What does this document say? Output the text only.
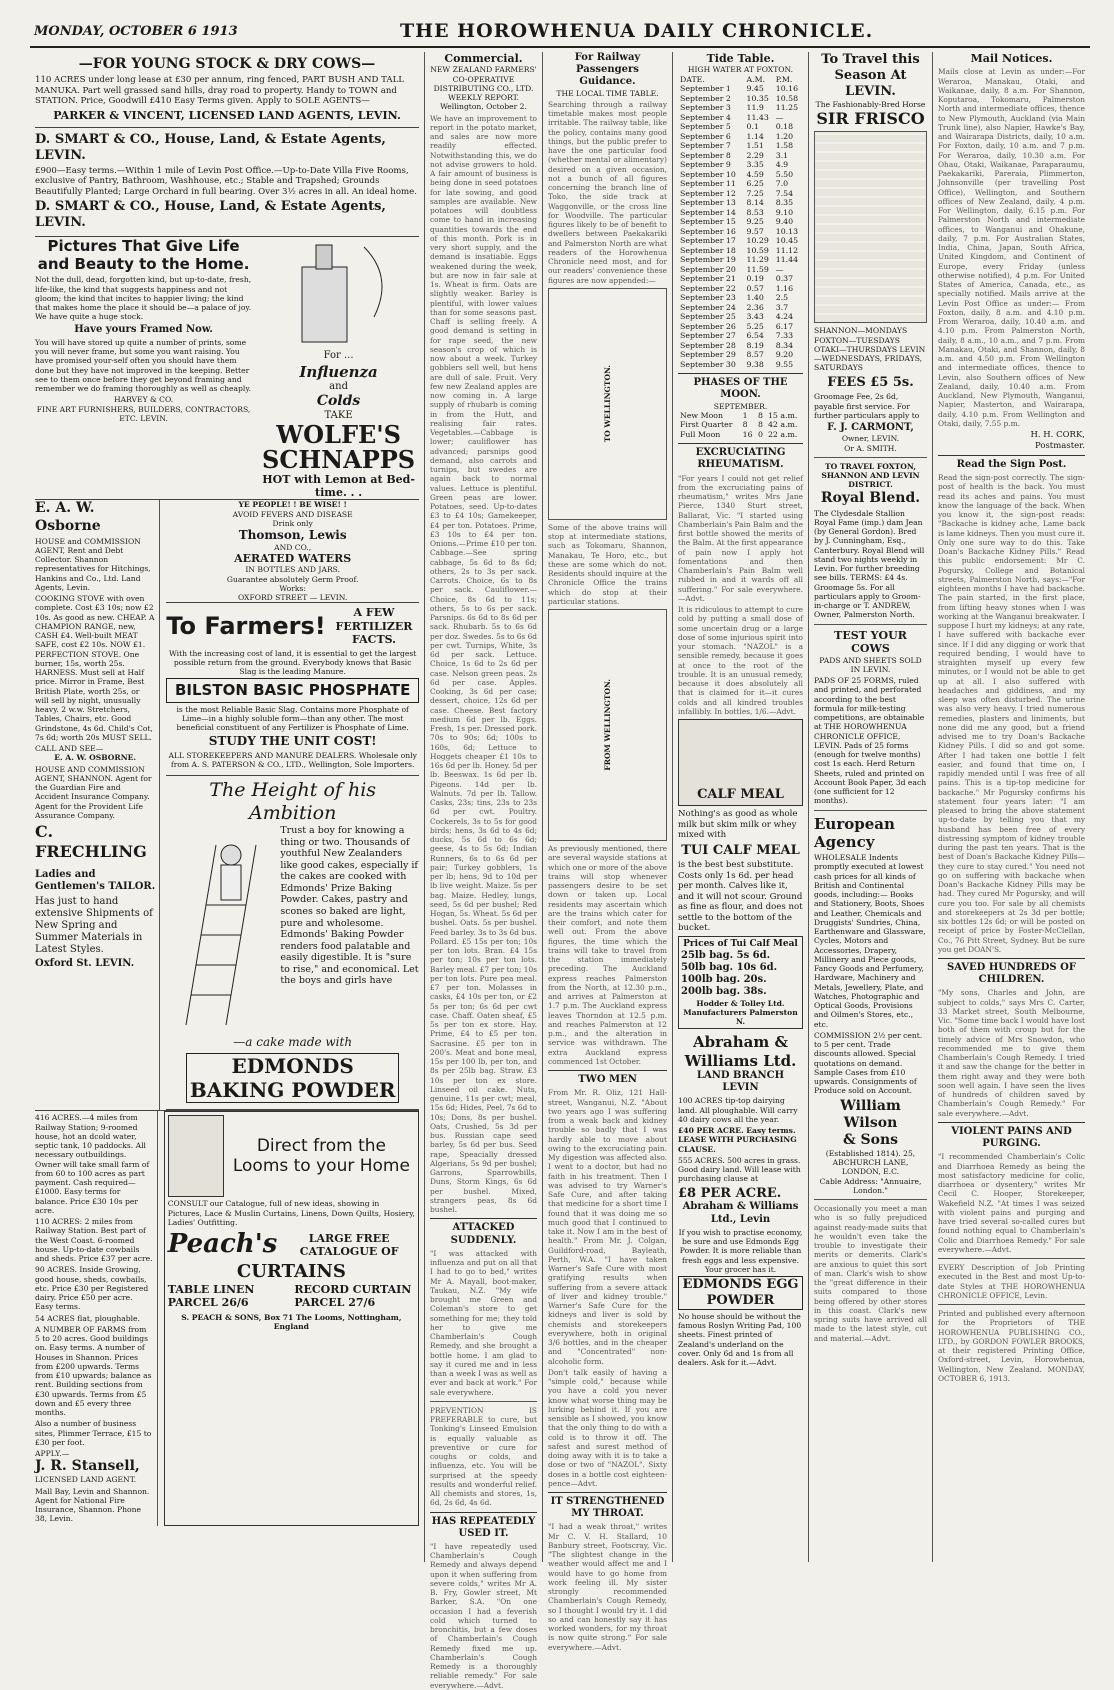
MONDAY, OCTOBER 6 1913	THE HOROWHENUA DAILY CHRONICLE.
—FOR YOUNG STOCK & DRY COWS—

110 ACRES under long lease at £30 per annum, ring fenced, PART BUSH AND TALL MANUKA. Part well grassed sand hills, dray road to property. Handy to TOWN and STATION. Price, Goodwill £410 Easy Terms given. Apply to SOLE AGENTS—

PARKER & VINCENT, LICENSED LAND AGENTS, LEVIN.
D. SMART & CO., House, Land, & Estate Agents, LEVIN.

£900—Easy terms.—Within 1 mile of Levin Post Office.—Up-to-Date Villa Five Rooms, exclusive of Pantry, Bathroom, Washhouse, etc.; Stable and Trapshed; Grounds Beautifully Planted; Large Orchard in full bearing. Over 3½ acres in all. An ideal home.

D. SMART & CO., House, Land, & Estate Agents, LEVIN.
Pictures That Give Life
and Beauty to the Home.

Not the dull, dead, forgotten kind, but up-to-date, fresh, life-like, the kind that suggests happiness and not gloom; the kind that incites to happier living; the kind that makes home the place it should be—a palace of joy. We have quite a huge stock.

Have yours Framed Now.

You will have stored up quite a number of prints, some you will never frame, but some you want raising. You have promised your-self often you should have them done but they have not improved in the keeping. Better see to them once before they get beyond framing and remember we do framing thoroughly as well as cheaply.

HARVEY & CO.
FINE ART FURNISHERS, BUILDERS, CONTRACTORS, ETC. LEVIN.
For ...
Influenza
and
Colds
TAKE
WOLFE'S SCHNAPPS
HOT with Lemon at Bed-time. . .
E. A. W. Osborne

HOUSE and COMMISSION AGENT, Rent and Debt Collector. Shannon representatives for Hitchings, Hankins and Co., Ltd. Land Agents, Levin.

COOKING STOVE with oven complete. Cost £3 10s; now £2 10s. As good as new. CHEAP. A CHAMPION RANGE, new, CASH £4. Well-built MEAT SAFE, cost £2 10s. NOW £1. PERFECTION STOVE. One burner, 15s, worth 25s. HARNESS. Must sell at Half price. Mirror in Frame, Best British Plate, worth 25s, or will sell by night, unusually heavy. 2 w.w. Stretchers, Tables, Chairs, etc. Good Grindstone, 4s 6d. Child's Cot, 7s 6d; worth 20s MUST SELL.

CALL AND SEE—
E. A. W. OSBORNE.

HOUSE AND COMMISSION AGENT, SHANNON. Agent for the Guardian Fire and Accident Insurance Company. Agent for the Provident Life Assurance Company.

C. FRECHLING
Ladies and Gentlemen's TAILOR.

Has just to hand extensive Shipments of New Spring and Summer Materials in Latest Styles.

Oxford St. LEVIN.
YE PEOPLE! ! BE WISE! !
AVOID FEVERS AND DISEASE
Drink only
Thomson, Lewis
AND CO.,
AERATED WATERS
IN BOTTLES AND JARS.
Guarantee absolutely Germ Proof.
Works:
OXFORD STREET — LEVIN.
To Farmers!	A FEW FERTILIZER FACTS.

With the increasing cost of land, it is essential to get the largest possible return from the ground. Everybody knows that Basic Slag is the leading Manure.

BILSTON BASIC PHOSPHATE

is the most Reliable Basic Slag. Contains more Phosphate of Lime—in a highly soluble form—than any other. The most beneficial constituent of any Fertilizer is Phosphate of Lime.

STUDY THE UNIT COST!

ALL STOREKEEPERS AND MANURE DEALERS. Wholesale only from A. S. PATERSON & CO., LTD., Wellington, Sole Importers.

The Height of his Ambition

Trust a boy for knowing a thing or two. Thousands of youthful New Zealanders like good cakes, especially if the cakes are cooked with Edmonds' Prize Baking Powder. Cakes, pastry and scones so baked are light, pure and wholesome. Edmonds' Baking Powder renders food palatable and easily digestible. It is "sure to rise," and economical. Let the boys and girls have

—a cake made with
EDMONDS BAKING POWDER

416 ACRES.—4 miles from Railway Station; 9-roomed house, hot an dcold water, septic tank, 10 paddocks. All necessary outbuildings. Owner will take small farm of from 60 to 100 acres as part payment. Cash required—£1000. Easy terms for balance. Price £30 10s per acre.

110 ACRES: 2 miles from Railway Station. Best part of the West Coast. 6-roomed house. Up-to-date cowbails and sheds. Price £37 per acre.

90 ACRES. Inside Growing, good house, sheds, cowbails, etc. Price £30 per Registered dairy. Price £50 per acre. Easy terms.

54 ACRES flat, ploughable.

A NUMBER OF FARMS from 5 to 20 acres. Good buildings on. Easy terms. A number of Houses in Shannon. Prices from £200 upwards. Terms from £10 upwards; balance as rent. Building sections from £30 upwards. Terms from £5 down and £5 every three months.

Also a number of business sites, Plimmer Terrace, £15 to £30 per foot.

APPLY.—
J. R. Stansell,
LICENSED LAND AGENT.

Mall Bay, Levin and Shannon. Agent for National Fire Insurance, Shannon. Phone 38, Levin.

Direct from the Looms to your Home

CONSULT our Catalogue, full of new ideas, showing in Pictures, Lace & Muslin Curtains, Linens, Down Quilts, Hosiery, Ladies' Outfitting.

Peach's	LARGE FREE CATALOGUE OF
CURTAINS
TABLE LINEN PARCEL 26/6
RECORD CURTAIN PARCEL 27/6
S. PEACH & SONS, Box 71 The Looms, Nottingham, England
Commercial.
NEW ZEALAND FARMERS' CO-OPERATIVE DISTRIBUTING CO., LTD.
WEEKLY REPORT.
Wellington, October 2.

We have an improvement to report in the potato market, and sales are now more readily effected. Notwithstanding this, we do not advise growers to hold. A fair amount of business is being done in seed potatoes for late sowing, and good samples are available. New potatoes will doubtless come to hand in increasing quantities towards the end of this month. Pork is in very short supply, and the demand is insatiable. Eggs weakened during the week, but are now in fair sale at 1s. Wheat is firm. Oats are slightly weaker. Barley is plentiful, with lower values than for some seasons past. Chaff is selling freely. A good demand is setting in for rape seed, the new season's crop of which is now about a week. Turkey gobblers sell well, but hens are dull of sale. Fruit. Very few new Zealand apples are now coming in. A large supply of rhubarb is coming in from the Hutt, and realising fair rates. Vegetables.—Cabbage is lower; cauliflower has advanced; parsnips good demand, also carrots and turnips, but swedes are again back to normal values. Lettuce is plentiful. Green peas are lower. Potatoes, seed. Up-to-dates £3 to £4 10s; Gamekeeper, £4 per ton. Potatoes. Prime, £3 10s to £4 per ton. Onions.—Prime £10 per ton. Cabbage.—See spring cabbage, 5s 6d to 8s 6d; others, 2s to 3s per sack. Carrots. Choice, 6s to 8s per sack. Cauliflower.—Choice, 8s 6d to 11s; others, 5s to 6s per sack. Parsnips. 6s 6d to 8s 6d per sack. Rhubarb. 5s to 6s 6d per doz. Swedes. 5s to 6s 6d per cwt. Turnips, White, 3s 6d per sack. Lettuce. Choice, 1s 6d to 2s 6d per case. Nelson green peas. 2s 6d per case. Apples. Cooking, 3s 6d per case; dessert, choice, 12s 6d per case. Cheese. Best factory medium 6d per lb. Eggs. Fresh, 1s per. Dressed pork. 70s to 90s; 6d; 100s to 160s, 6d; Lettuce to Hoggets cheaper £1 10s to 16s 6d per lb. Honey. 5d per lb. Beeswax. 1s 6d per lb. Pigeons. 14d per lb. Walnuts. 7d per lb. Tallow. Casks, 23s; tins, 23s to 23s 6d per cwt. Poultry. Cockerels, 3s to 5s for good birds; hens, 3s 6d to 4s 6d; ducks, 5s 6d to 6s 6d; geese, 4s to 5s 6d; Indian Runners, 6s to 6s 6d per pair; Turkey gobblers, 1s per lb; hens, 9d to 10d per lb live weight. Maize. 5s per bag. Maize. Hedley, lungs, seed, 5s 6d per bushel; Red Hogan, 5s. Wheat. 5s 6d per bushel. Oats. 5s per bushel. Feed barley. 3s to 3s 6d bus. Pollard. £5 15s per ton; 10s per ton lots. Bran. £4 15s per ton; 10s per ton lots. Barley meal. £7 per ton; 10s per ton lots. Pure pea meal. £7 per ton. Molasses in casks, £4 10s per ton, or £2 5s per ton; 6s 6d per cwt case. Chaff. Oaten sheaf, £5 5s per ton ex store. Hay. Prime, £4 to £5 per ton. Sacrasine. £5 per ton in 200's. Meat and bone meal, 15s per 100 lb, per ton, and 8s per 25lb bag. Straw. £3 10s per ton ex store. Linseed oil cake. Nuts, genuine, 11s per cwt; meal, 15s 6d; Hides, Peel, 7s 6d to 10s; Dons, 8s per bushel. Oats, Crushed, 5s 3d per bus. Russian cape seed barley, 5s 6d per bus. Seed rape, Speacially dressed Algerians, 5s 9d per bushel; Garrons, Sparrowbills, Duns, Storm Kings, 6s 6d per bushel. Mixed, strangers peas, 8s 6d bushel.

ATTACKED SUDDENLY.

"I was attacked with influenza and put on all that I had to go to bed," writes Mr A. Mayall, boot-maker, Taukau, N.Z. "My wife brought me Green and Coleman's store to get something for me; they told her to give me Chamberlain's Cough Remedy, and she brought a bottle home. I am glad to say it cured me and in less than a week I was as well as ever and back at work." For sale everywhere.

PREVENTION IS PREFERABLE to cure, but Tonking's Linseed Emulsion is equally valuable as preventive or cure for coughs or colds, and influenza, etc. You will be surprised at the speedy results and wonderful relief. All chemists and stores, 1s, 6d, 2s 6d, 4s 6d.

HAS REPEATEDLY USED IT.

"I have repeatedly used Chamberlain's Cough Remedy and always depend upon it when suffering from severe colds," writes Mr A. B. Fry, Gowler street, Mt Barker, S.A. "On one occasion I had a feverish cold which turned to bronchitis, but a few doses of Chamberlain's Cough Remedy fixed me up. Chamberlain's Cough Remedy is a thoroughly reliable remedy." For sale everywhere.—Advt.

For Railway Passengers Guidance.
THE LOCAL TIME TABLE.

Searching through a railway timetable makes most people irritable. The railway table, like the policy, contains many good things, but the public prefer to have the one particular food (whether mental or alimentary) desired on a given occasion, not a bunch of all figures concerning the branch line of Toko, the side track at Waggonville, or the cross line for Woodville. The particular figures likely to be of benefit to dwellers between Paekakariki and Palmerston North are what readers of the Horowhenua Chronicle need most, and for our readers' convenience these figures are now appended:—

TO WELLINGTON.

Some of the above trains will stop at intermediate stations, such as Tokomaru, Shannon, Manakau, Te Horo, etc., but these are some which do not. Residents should inquire at the Chronicle Office the trains which do stop at their particular stations.

FROM WELLINGTON.

As previously mentioned, there are several wayside stations at which one or more of the above trains will stop whenever passengers desire to be set down or taken up. Local residents may ascertain which are the trains which cater for their comfort, and note them well out. From the above figures, the time which the trains will take to travel from the station immediately preceding. The Auckland express reaches Palmerston from the North, at 12.30 p.m., and arrives at Palmerston at 1.7 p.m. The Auckland express leaves Thorndon at 12.5 p.m. and reaches Palmerston at 12 p.m., and the alteration in service was withdrawn. The extra Auckland express commenced 1st October.

TWO MEN

From Mr. R. Oliz, 121 Hall-street, Wanganui, N.Z. "About two years ago I was suffering from a weak back and kidney trouble so badly that I was hardly able to move about owing to the excruciating pain. My digestion was affected also. I went to a doctor, but had no faith in his treatment. Then I was advised to try Warner's Safe Cure, and after taking that medicine for a short time I found that it was doing me so much good that I continued to take it. Now I am in the best of health." From Mr. J. Colgan, Guildford-road, Bayleath, Perth, W.A. "I have taken Warner's Safe Cure with most gratifying results when suffering from a severe attack of liver and kidney trouble." Warner's Safe Cure for the kidneys and liver is sold by chemists and storekeepers everywhere, both in original 3/6 bottles, and in the cheaper and "Concentrated" non-alcoholic form.

Don't talk easily of having a "simple cold," because while you have a cold you never know what worse thing may be lurking behind it. If you are sensible as I showed, you know that the only thing to do with a cold is to throw it off. The safest and surest method of doing away with it is to take a dose or two of "NAZOL". Sixty doses in a bottle cost eighteen-pence—Advt.

IT STRENGTHENED MY THROAT.

"I had a weak throat," writes Mr C. V. H. Stallard, 10 Banbury street, Footscray, Vic. "The slightest change in the weather would affect me and I would have to go home from work feeling ill. My sister strongly recommended Chamberlain's Cough Remedy, so I thought I would try it. I did so and can honestly say it has worked wonders, for my throat is now quite strong." For sale everywhere.—Advt.

Tide Table.
HIGH WATER AT FOXTON.
DATE.	A.M.	P.M.
September 1	9.45	10.16
September 2	10.35	10.58
September 3	11.9	11.25
September 4	11.43	—
September 5	0.1	0.18
September 6	1.14	1.20
September 7	1.51	1.58
September 8	2.29	3.1
September 9	3.35	4.9
September 10	4.59	5.50
September 11	6.25	7.0
September 12	7.25	7.54
September 13	8.14	8.35
September 14	8.53	9.10
September 15	9.25	9.40
September 16	9.57	10.13
September 17	10.29	10.45
September 18	10.59	11.12
September 19	11.29	11.44
September 20	11.59	—
September 21	0.19	0.37
September 22	0.57	1.16
September 23	1.40	2.5
September 24	2.36	3.7
September 25	3.43	4.24
September 26	5.25	6.17
September 27	6.54	7.33
September 28	8.19	8.34
September 29	8.57	9.20
September 30	9.38	9.55
PHASES OF THE MOON.
SEPTEMBER.
New Moon	1	8	15 a.m.
First Quarter	8	8	42 a.m.
Full Moon	16	0	22 a.m.
EXCRUCIATING RHEUMATISM.

"For years I could not get relief from the excruciating pains of rheumatism," writes Mrs Jane Pierce, 1340 Sturt street, Ballarat, Vic. "I started using Chamberlain's Pain Balm and the first bottle showed the merits of the Balm. At the first appearance of pain now I apply hot fomentations and then Chamberlain's Pain Balm well rubbed in and it wards off all suffering." For sale everywhere.—Advt.

It is ridiculous to attempt to cure cold by putting a small dose of some uncertain drug or a large dose of some injurious spirit into your stomach. "NAZOL" is a sensible remedy, because it goes at once to the root of the trouble. It is an unusual remedy, because it does absolutely all that is claimed for it—it cures colds and all kindred troubles infallibly. In bottles, 1/6.—Advt.

CALF MEAL

Nothing's as good as whole milk but skim milk or whey mixed with

TUI CALF MEAL

is the best best substitute. Costs only 1s 6d. per head per month. Calves like it, and it will not scour. Ground as fine as flour, and does not settle to the bottom of the bucket.

Prices of Tui Calf Meal
25lb bag. 5s 6d.
50lb bag. 10s 6d.
100lb bag. 20s.
200lb bag. 38s.
Hodder & Tolley Ltd. Manufacturers Palmerston N.
Abraham & Williams Ltd.
LAND BRANCH LEVIN

100 ACRES tip-top dairying land. All ploughable. Will carry 40 dairy cows all the year.

£40 PER ACRE. Easy terms. LEASE WITH PURCHASING CLAUSE.

555 ACRES. 500 acres in grass. Good dairy land. Will lease with purchasing clause at

£8 PER ACRE.
Abraham & Williams Ltd., Levin

If you wish to practise economy, be sure and use Edmonds Egg Powder. It is more reliable than fresh eggs and less expensive. Your grocer has it.

EDMONDS EGG POWDER

No house should be without the famous Roslyn Writing Pad, 100 sheets. Finest printed of Zealand's underland on the cover. Only 6d and 1s from all dealers. Ask for it.—Advt.

To Travel this Season At LEVIN.
The Fashionably-Bred Horse
SIR FRISCO

SHANNON—MONDAYS FOXTON—TUESDAYS OTAKI—THURSDAYS LEVIN—WEDNESDAYS, FRIDAYS, SATURDAYS

FEES £5 5s.

Groomage Fee, 2s 6d, payable first service. For further particulars apply to

F. J. CARMONT,
Owner, LEVIN.
Or A. SMITH.
TO TRAVEL FOXTON, SHANNON AND LEVIN DISTRICT.
Royal Blend.

The Clydesdale Stallion Royal Fame (imp.) dam Jean (by General Gordon). Bred by J. Cunningham, Esq., Canterbury. Royal Blend will stand two nights weekly in Levin. For further breeding see bills. TERMS: £4 4s. Groomage 5s. For all particulars apply to Groom-in-charge or T. ANDREW, Owner, Palmerston North.

TEST YOUR COWS
PADS AND SHEETS SOLD IN LEVIN.

PADS OF 25 FORMS, ruled and printed, and perforated according to the best formula for milk-testing competitions, are obtainable at THE HOROWHENUA CHRONICLE OFFICE, LEVIN. Pads of 25 forms (enough for twelve months) cost 1s each. Herd Return Sheets, ruled and printed on Account Book Paper, 3d each (one sufficient for 12 months).

European Agency

WHOLESALE Indents promptly executed at lowest cash prices for all kinds of British and Continental goods, including:— Books and Stationery, Boots, Shoes and Leather, Chemicals and Druggists' Sundries, China, Earthenware and Glassware, Cycles, Motors and Accessories, Drapery, Millinery and Piece goods, Fancy Goods and Perfumery, Hardware, Machinery and Metals, Jewellery, Plate, and Watches, Photographic and Optical Goods, Provisions and Oilmen's Stores, etc., etc.

COMMISSION 2½ per cent. to 5 per cent. Trade discounts allowed. Special quotations on demand. Sample Cases from £10 upwards. Consignments of Produce sold on Account.

William Wilson
& Sons
(Established 1814). 25, ABCHURCH LANE, LONDON, E.C.
Cable Address: "Annuaire, London."

Occasionally you meet a man who is so fully prejudiced against ready-made suits that he wouldn't even take the trouble to investigate their merits or demerits. Clark's are anxious to quiet this sort of man. Clark's wish to show the "great difference in their suits compared to those being offered by other stores in this coast. Clark's new spring suits have arrived all made to the latest style, cut and material.—Advt.

Mail Notices.

Mails close at Levin as under:—For Weraroa, Manakau, Otaki, and Waikanae, daily, 8 a.m. For Shannon, Koputaroa, Tokomaru, Palmerston North and intermediate offices, thence to New Plymouth, Auckland (via Main Trunk line), also Napier, Hawke's Bay, and Wairarapa Districts, daily, 10 a.m. For Foxton, daily, 10 a.m. and 7 p.m. For Weraroa, daily, 10.30 a.m. For Ohau, Otaki, Waikanae, Paraparaumu, Paekakariki, Pareraia, Plimmerton, Johnsonville (per travelling Post Office), Wellington, and Southern offices of New Zealand, daily, 4 p.m. For Wellington, daily, 6.15 p.m. For Palmerston North and intermediate offices, to Wanganui and Ohakune, daily, 7 p.m. For Australian States, India, China, Japan, South Africa, United Kingdom, and Continent of Europe, every Friday (unless otherwise notified), 4 p.m. For United States of America, Canada, etc., as specially notified. Mails arrive at the Levin Post Office as under:— From Foxton, daily, 8 a.m. and 4.10 p.m. From Weraroa, daily, 10.40 a.m. and 4.10 p.m. From Palmerston North, daily, 8 a.m., 10 a.m., and 7 p.m. From Manakau, Otaki, and Shannon, daily, 8 a.m. and 4.50 p.m. From Wellington and intermediate offices, thence to Levin, also Southern offices of New Zealand, daily, 10.40 a.m. From Auckland, New Plymouth, Wanganui, Napier, Masterton, and Wairarapa, daily, 4.10 p.m. From Wellington and Otaki, daily, 7.55 p.m.

H. H. CORK,
Postmaster.
Read the Sign Post.

Read the sign-post correctly. The sign-post of health is the back. You must read its aches and pains. You must know the language of the back. When you know it, the sign-post reads: "Backache is kidney ache, Lame back is lame kidneys. Then you must cure it. Only one sure way to do this. Take Doan's Backache Kidney Pills." Read this public endorsement: Mr C. Pogursky, College and Botanical streets, Palmerston North, says:—"For eighteen months I have had backache. The pain started, in the first place, from lifting heavy stones when I was working at the Wanganui breakwater. I suppose I hurt my kidneys; at any rate, I have suffered with backache ever since. If I did any digging or work that required bending, I would have to straighten myself up every few minutes, or I would not be able to get up at all. I also suffered with headaches and giddiness, and my sleep was often disturbed. The urine was also very heavy. I tried numerous remedies, plasters and liniments, but none did me any good, but a friend advised me to try Doan's Backache Kidney Pills. I did so and got some. After I had taken one bottle I felt easier, and found that time on, I rapidly mended until I was free of all pains. This is a tip-top medicine for backache." Mr Pogursky confirms his statement four years later: "I am pleased to bring the above statement up-to-date by telling you that my husband has been free of every distressing symptom of kidney trouble during the past ten years. That is the best of Doan's Backache Kidney Pills—they cure to stay cured." You need not go on suffering with backache when Doan's Backache Kidney Pills may be had. They cured Mr Pogursky, and will cure you too. For sale by all chemists and storekeepers at 2s 3d per bottle; six bottles 12s 6d; or will be posted on receipt of price by Foster-McClellan, Co., 76 Pitt Street, Sydney. But be sure you get DOAN'S.

SAVED HUNDREDS OF CHILDREN.

"My sons, Charles and John, are subject to colds," says Mrs C. Carter, 33 Market street, South Melbourne, Vic. "Some time back I would have lost both of them with croup but for the timely advice of Mrs Snowdon, who recommended me to give them Chamberlain's Cough Remedy. I tried it and saw the change for the better in them right away and they were both soon well again. I have seen the lives of hundreds of children saved by Chamberlain's Cough Remedy." For sale everywhere.—Advt.

VIOLENT PAINS AND PURGING.

"I recommended Chamberlain's Colic and Diarrhoea Remedy as being the most satisfactory medicine for colic, diarrhoea or dysentery," writes Mr Cecil C. Hooper, Storekeeper, Wakefield N.Z. "At times I was seized with violent pains and purging and have tried several so-called cures but found nothing equal to Chamberlain's Colic and Diarrhoea Remedy." For sale everywhere.—Advt.

EVERY Description of Job Printing executed in the Best and most Up-to-date Styles at THE HOROWHENUA CHRONICLE OFFICE, Levin.

Printed and published every afternoon for the Proprietors of THE HOROWHENUA PUBLISHING CO., LTD., by GORDON FOWLER BROOKS, at their registered Printing Office, Oxford-street, Levin, Horowhenua, Wellington, New Zealand. MONDAY, OCTOBER 6, 1913.
